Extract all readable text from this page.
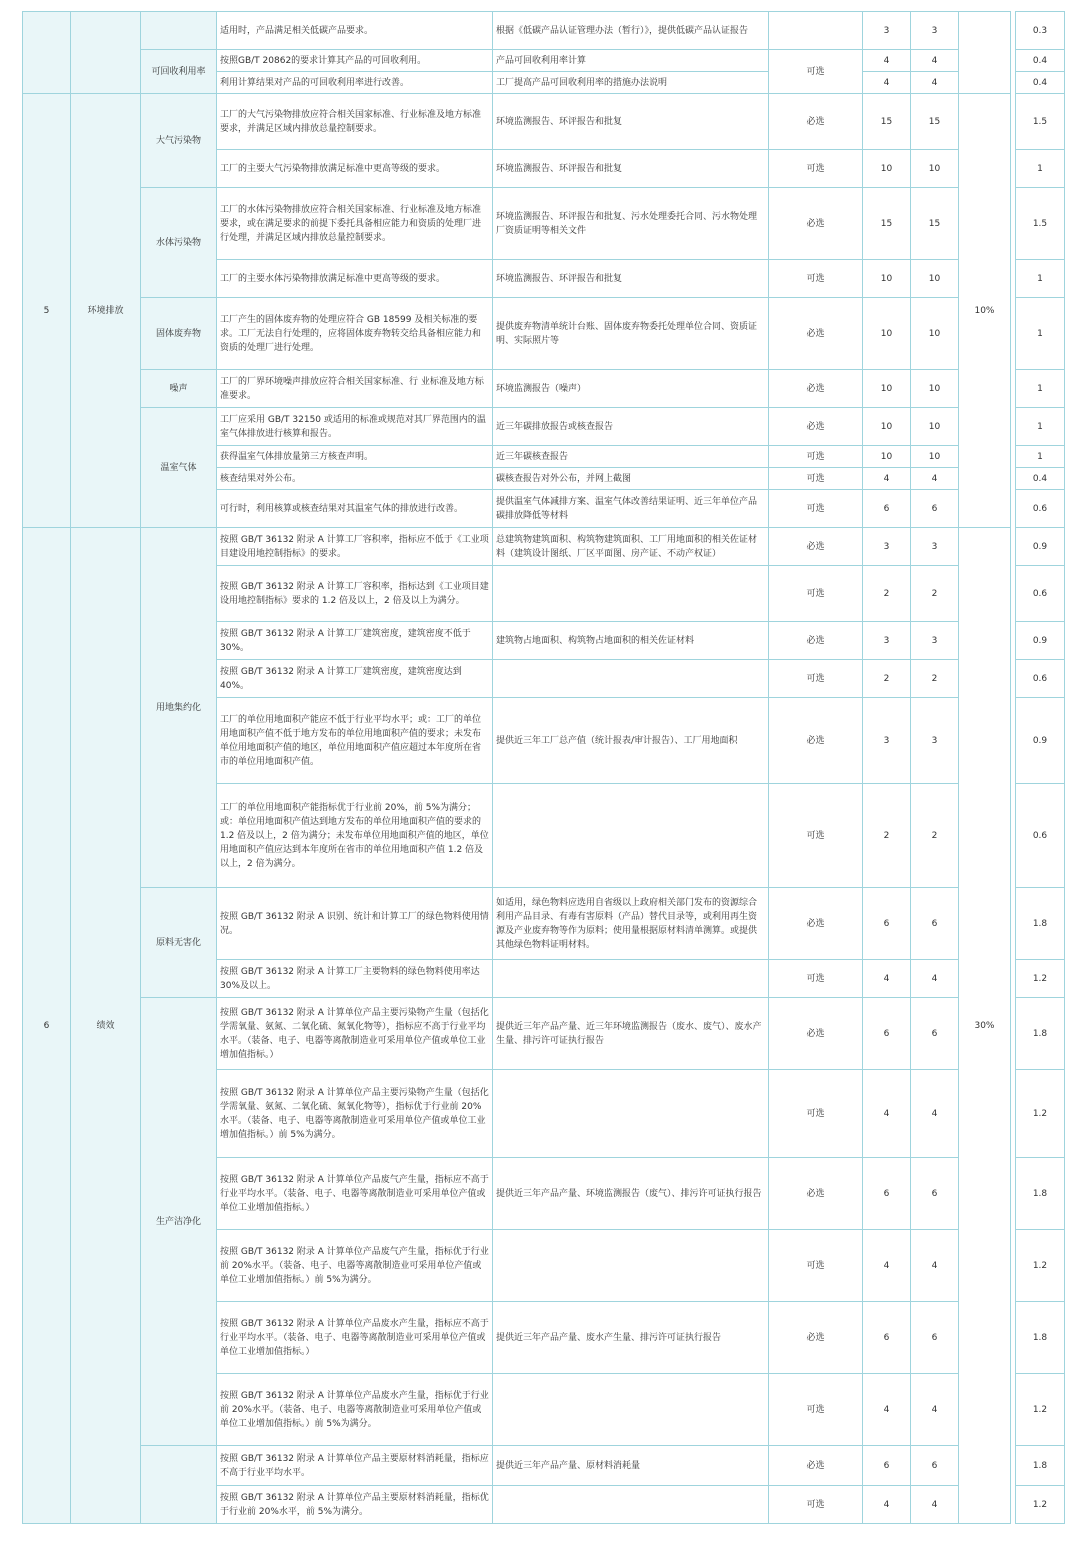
			适用时，产品满足相关低碳产品要求。	根据《低碳产品认证管理办法（暂行）》，提供低碳产品认证报告		3	3			0.3
		可回收利用率	按照GB/T 20862的要求计算其产品的可回收利用。	产品可回收利用率计算	可选	4	4			0.4
			利用计算结果对产品的可回收利用率进行改善。	工厂提高产品可回收利用率的措施办法说明		4	4			0.4
5	环境排放	大气污染物	工厂的大气污染物排放应符合相关国家标准、行业标准及地方标准要求，并满足区域内排放总量控制要求。	环境监测报告、环评报告和批复	必选	15	15	10%		1.5
			工厂的主要大气污染物排放满足标准中更高等级的要求。	环境监测报告、环评报告和批复	可选	10	10			1
		水体污染物	工厂的水体污染物排放应符合相关国家标准、行业标准及地方标准要求，或在满足要求的前提下委托具备相应能力和资质的处理厂进行处理，并满足区域内排放总量控制要求。	环境监测报告、环评报告和批复、污水处理委托合同、污水物处理厂资质证明等相关文件	必选	15	15			1.5
			工厂的主要水体污染物排放满足标准中更高等级的要求。	环境监测报告、环评报告和批复	可选	10	10			1
		固体废弃物	工厂产生的固体废弃物的处理应符合 GB 18599 及相关标准的要求。工厂无法自行处理的，应将固体废弃物转交给具备相应能力和资质的处理厂进行处理。	提供废弃物清单统计台账、固体废弃物委托处理单位合同、资质证明、实际照片等	必选	10	10			1
		噪声	工厂的厂界环境噪声排放应符合相关国家标准、行 业标准及地方标准要求。	环境监测报告（噪声）	必选	10	10			1
		温室气体	工厂应采用 GB/T 32150 或适用的标准或规范对其厂界范围内的温室气体排放进行核算和报告。	近三年碳排放报告或核查报告	必选	10	10			1
			获得温室气体排放量第三方核查声明。	近三年碳核查报告	可选	10	10			1
			核查结果对外公布。	碳核查报告对外公布，并网上截图	可选	4	4			0.4
			可行时，利用核算或核查结果对其温室气体的排放进行改善。	提供温室气体减排方案、温室气体改善结果证明、近三年单位产品碳排放降低等材料	可选	6	6			0.6
6	绩效	用地集约化	按照 GB/T 36132 附录 A 计算工厂容积率，指标应不低于《工业项目建设用地控制指标》的要求。	总建筑物建筑面积、构筑物建筑面积、工厂用地面积的相关佐证材料（建筑设计图纸、厂区平面图、房产证、不动产权证）	必选	3	3	30%		0.9
			按照 GB/T 36132 附录 A 计算工厂容积率，指标达到《工业项目建设用地控制指标》要求的 1.2 倍及以上，2 倍及以上为满分。		可选	2	2			0.6
			按照 GB/T 36132 附录 A 计算工厂建筑密度，建筑密度不低于 30%。	建筑物占地面积、构筑物占地面积的相关佐证材料	必选	3	3			0.9
			按照 GB/T 36132 附录 A 计算工厂建筑密度，建筑密度达到 40%。		可选	2	2			0.6
			工厂的单位用地面积产能应不低于行业平均水平；或：工厂的单位用地面积产值不低于地方发布的单位用地面积产值的要求；未发布单位用地面积产值的地区，单位用地面积产值应超过本年度所在省市的单位用地面积产值。	提供近三年工厂总产值（统计报表/审计报告）、工厂用地面积	必选	3	3			0.9
			工厂的单位用地面积产能指标优于行业前 20%，前 5%为满分；或：单位用地面积产值达到地方发布的单位用地面积产值的要求的 1.2 倍及以上，2 倍为满分；未发布单位用地面积产值的地区，单位用地面积产值应达到本年度所在省市的单位用地面积产值 1.2 倍及以上，2 倍为满分。		可选	2	2			0.6
		原料无害化	按照 GB/T 36132 附录 A 识别、统计和计算工厂的绿色物料使用情况。	如适用，绿色物料应选用自省级以上政府相关部门发布的资源综合利用产品目录、有毒有害原料（产品）替代目录等，或利用再生资源及产业废弃物等作为原料；使用量根据原材料清单测算。或提供其他绿色物料证明材料。	必选	6	6			1.8
			按照 GB/T 36132 附录 A 计算工厂主要物料的绿色物料使用率达 30%及以上。		可选	4	4			1.2
		生产洁净化	按照 GB/T 36132 附录 A 计算单位产品主要污染物产生量（包括化学需氧量、氨氮、二氧化硫、氮氧化物等），指标应不高于行业平均水平。（装备、电子、电器等离散制造业可采用单位产值或单位工业增加值指标。）	提供近三年产品产量、近三年环境监测报告（废水、废气）、废水产生量、排污许可证执行报告	必选	6	6			1.8
			按照 GB/T 36132 附录 A 计算单位产品主要污染物产生量（包括化学需氧量、氨氮、二氧化硫、氮氧化物等），指标优于行业前 20%水平。（装备、电子、电器等离散制造业可采用单位产值或单位工业增加值指标。）前 5%为满分。		可选	4	4			1.2
			按照 GB/T 36132 附录 A 计算单位产品废气产生量，指标应不高于行业平均水平。（装备、电子、电器等离散制造业可采用单位产值或单位工业增加值指标。）	提供近三年产品产量、环境监测报告（废气）、排污许可证执行报告	必选	6	6			1.8
			按照 GB/T 36132 附录 A 计算单位产品废气产生量，指标优于行业前 20%水平。（装备、电子、电器等离散制造业可采用单位产值或单位工业增加值指标。）前 5%为满分。		可选	4	4			1.2
			按照 GB/T 36132 附录 A 计算单位产品废水产生量，指标应不高于行业平均水平。（装备、电子、电器等离散制造业可采用单位产值或单位工业增加值指标。）	提供近三年产品产量、废水产生量、排污许可证执行报告	必选	6	6			1.8
			按照 GB/T 36132 附录 A 计算单位产品废水产生量，指标优于行业前 20%水平。（装备、电子、电器等离散制造业可采用单位产值或单位工业增加值指标。）前 5%为满分。		可选	4	4			1.2
			按照 GB/T 36132 附录 A 计算单位产品主要原材料消耗量，指标应不高于行业平均水平。	提供近三年产品产量、原材料消耗量	必选	6	6			1.8
			按照 GB/T 36132 附录 A 计算单位产品主要原材料消耗量，指标优于行业前 20%水平，前 5%为满分。		可选	4	4			1.2
